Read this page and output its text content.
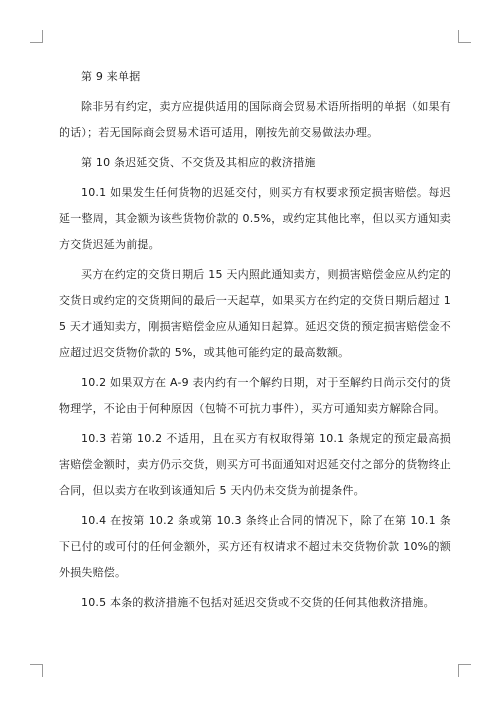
第 9 来单据

除非另有约定，卖方应提供适用的国际商会贸易术语所指明的单据（如果有的话）；若无国际商会贸易术语可适用，刚按先前交易做法办理。

第 10 条迟延交货、不交货及其相应的救济措施

10.1 如果发生任何货物的迟延交付，则买方有权要求预定损害赔偿。每迟延一整周，其金额为该些货物价款的 0.5%，或约定其他比率，但以买方通知卖方交货迟延为前提。

买方在约定的交货日期后 15 天内照此通知卖方，则损害赔偿金应从约定的交货日或约定的交货期间的最后一天起草，如果买方在约定的交货日期后超过 15 天才通知卖方，刚损害赔偿金应从通知日起算。延迟交货的预定损害赔偿金不应超过迟交货物价款的 5%，或其他可能约定的最高数额。

10.2 如果双方在 A-9 表内约有一个解约日期，对于至解约日尚示交付的货物理学，不论由于何种原因（包犄不可抗力事件），买方可通知卖方解除合同。

10.3 若第 10.2 不适用，且在买方有权取得第 10.1 条规定的预定最高损害赔偿金额时，卖方仍示交货，则买方可书面通知对迟延交付之部分的货物终止合同，但以卖方在收到该通知后 5 天内仍未交货为前提条件。

10.4 在按第 10.2 条或第 10.3 条终止合同的情况下，除了在第 10.1 条下已付的或可付的任何金额外，买方还有权请求不超过未交货物价款 10%的额外损失赔偿。

10.5 本条的救济措施不包括对延迟交货或不交货的任何其他救济措施。
